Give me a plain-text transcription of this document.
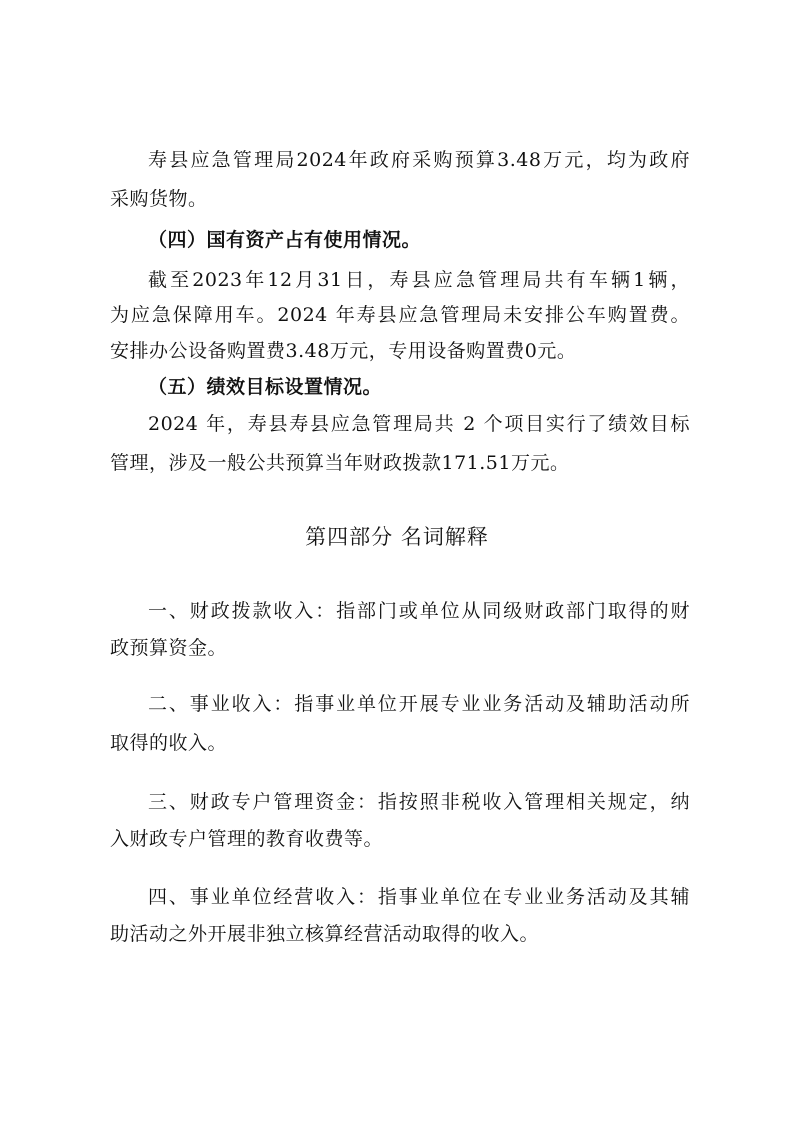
寿县应急管理局2024年政府采购预算3.48万元，均为政府
采购货物。
（四）国有资产占有使用情况。
截至2023年12月31日，寿县应急管理局共有车辆1辆，
为应急保障用车。2024 年寿县应急管理局未安排公车购置费。
安排办公设备购置费3.48万元，专用设备购置费0元。
（五）绩效目标设置情况。
2024 年，寿县寿县应急管理局共 2 个项目实行了绩效目标
管理，涉及一般公共预算当年财政拨款171.51万元。
第四部分 名词解释
一、财政拨款收入：指部门或单位从同级财政部门取得的财
政预算资金。
二、事业收入：指事业单位开展专业业务活动及辅助活动所
取得的收入。
三、财政专户管理资金：指按照非税收入管理相关规定，纳
入财政专户管理的教育收费等。
四、事业单位经营收入：指事业单位在专业业务活动及其辅
助活动之外开展非独立核算经营活动取得的收入。
